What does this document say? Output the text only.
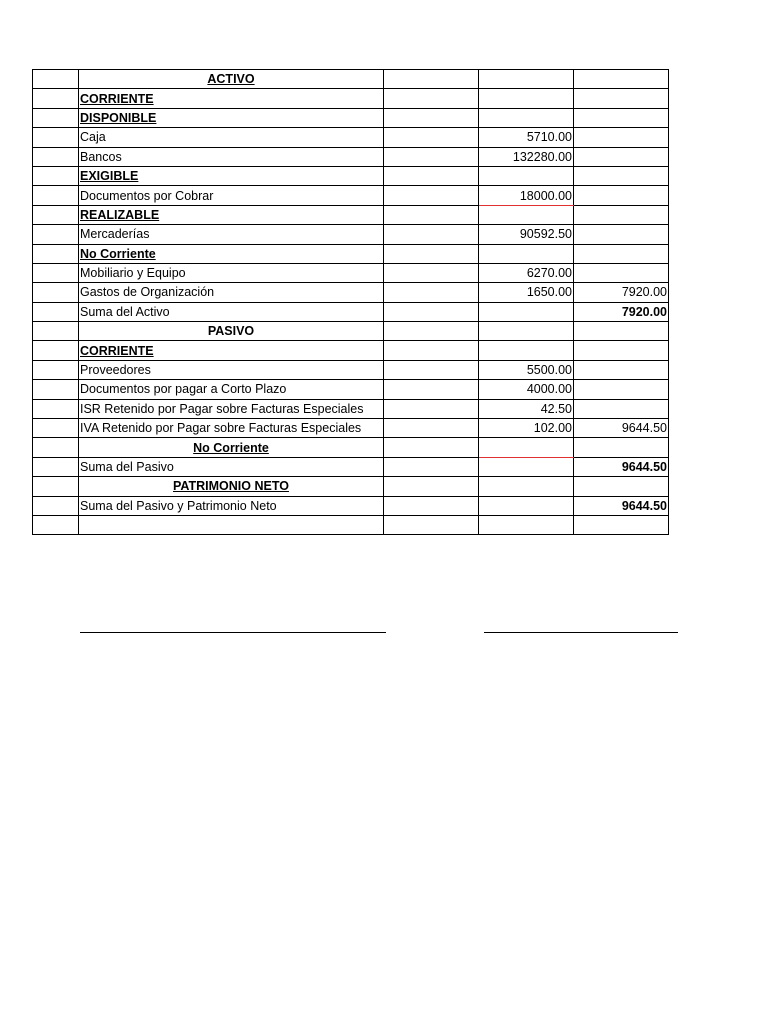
	ACTIVO			
	CORRIENTE			
	DISPONIBLE			
	Caja		5710.00	
	Bancos		132280.00	
	EXIGIBLE			
	Documentos por Cobrar		18000.00	
	REALIZABLE			
	Mercaderías		90592.50	
	No Corriente			
	Mobiliario y Equipo		6270.00	
	Gastos de Organización		1650.00	7920.00
	Suma del Activo			7920.00
	PASIVO			
	CORRIENTE			
	Proveedores		5500.00	
	Documentos por pagar a Corto Plazo		4000.00	
	ISR Retenido por Pagar sobre Facturas Especiales		42.50	
	IVA Retenido por Pagar sobre Facturas Especiales		102.00	9644.50
	No Corriente			
	Suma del Pasivo			9644.50
	PATRIMONIO NETO			
	Suma del Pasivo y Patrimonio Neto			9644.50
